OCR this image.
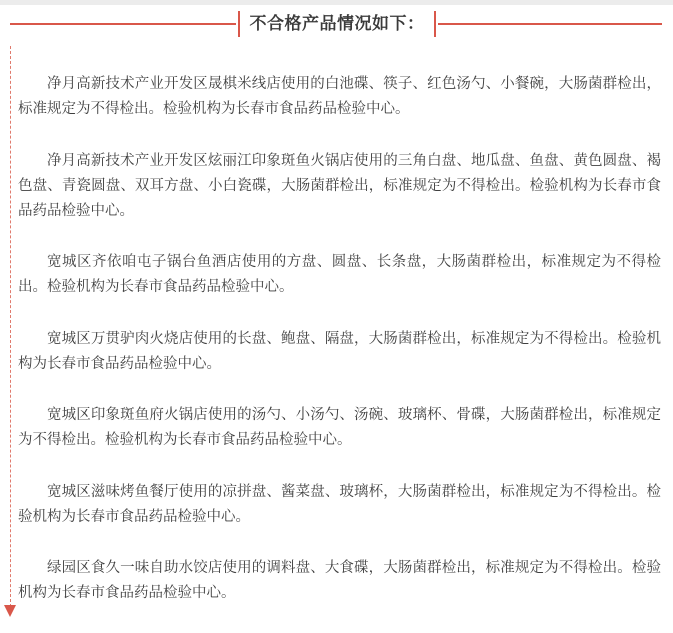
不合格产品情况如下：

净月高新技术产业开发区晟棋米线店使用的白池碟、筷子、红色汤勺、小餐碗，大肠菌群检出，标准规定为不得检出。检验机构为长春市食品药品检验中心。

净月高新技术产业开发区炫丽江印象斑鱼火锅店使用的三角白盘、地瓜盘、鱼盘、黄色圆盘、褐色盘、青瓷圆盘、双耳方盘、小白瓷碟，大肠菌群检出，标准规定为不得检出。检验机构为长春市食品药品检验中心。

宽城区齐依咱屯子锅台鱼酒店使用的方盘、圆盘、长条盘，大肠菌群检出，标准规定为不得检出。检验机构为长春市食品药品检验中心。

宽城区万贯驴肉火烧店使用的长盘、鲍盘、隔盘，大肠菌群检出，标准规定为不得检出。检验机构为长春市食品药品检验中心。

宽城区印象斑鱼府火锅店使用的汤勺、小汤勺、汤碗、玻璃杯、骨碟，大肠菌群检出，标准规定为不得检出。检验机构为长春市食品药品检验中心。

宽城区滋味烤鱼餐厅使用的凉拼盘、酱菜盘、玻璃杯，大肠菌群检出，标准规定为不得检出。检验机构为长春市食品药品检验中心。

绿园区食久一味自助水饺店使用的调料盘、大食碟，大肠菌群检出，标准规定为不得检出。检验机构为长春市食品药品检验中心。
